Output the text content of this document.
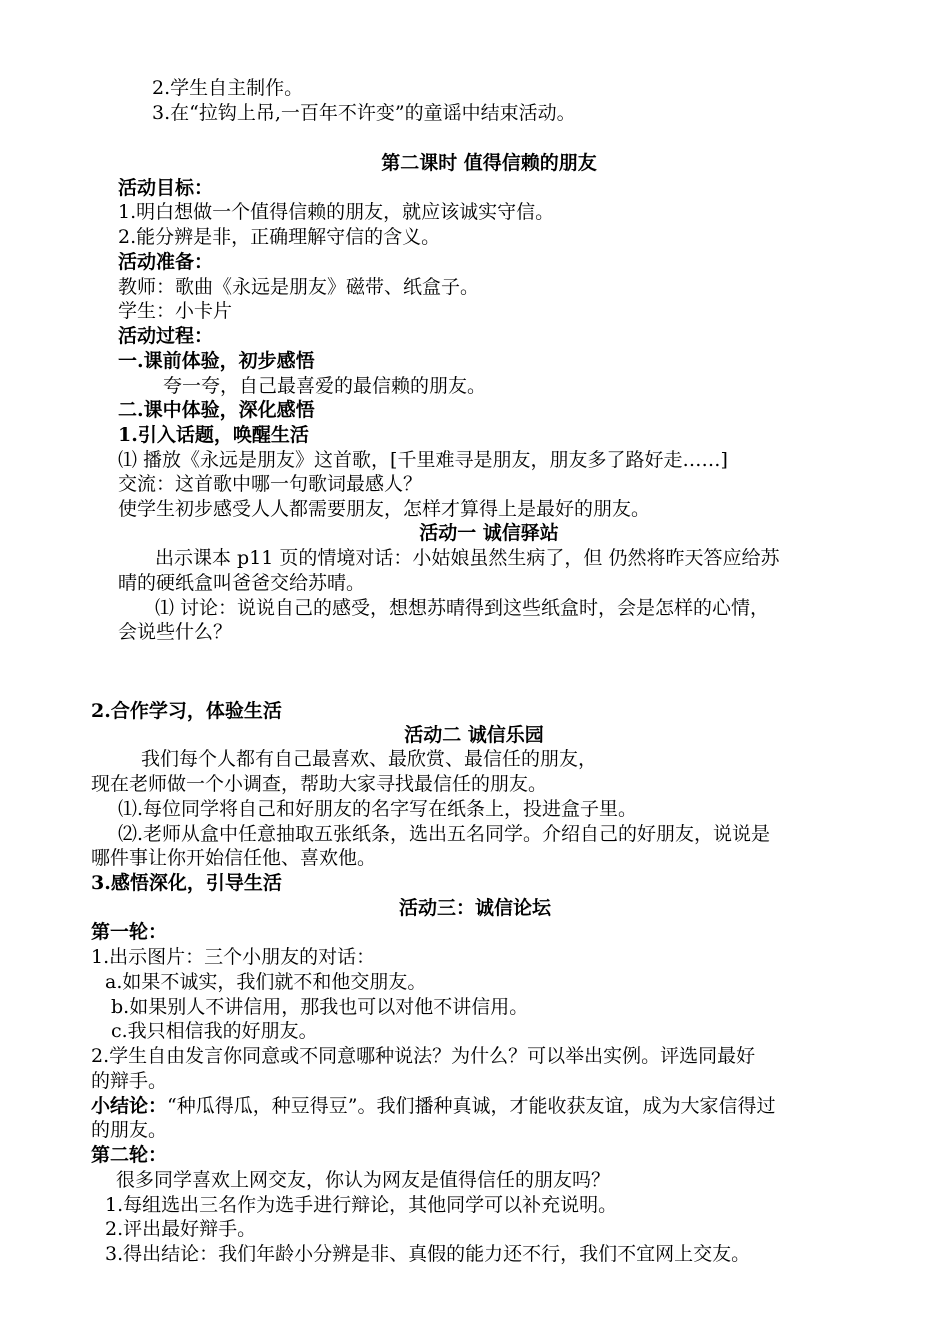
2.学生自主制作。
3.在“拉钩上吊,一百年不许变”的童谣中结束活动。
第二课时 值得信赖的朋友
活动目标：
1.明白想做一个值得信赖的朋友，就应该诚实守信。
2.能分辨是非，正确理解守信的含义。
活动准备：
教师：歌曲《永远是朋友》磁带、纸盒子。
学生：小卡片
活动过程：
一.课前体验，初步感悟
夸一夸，自己最喜爱的最信赖的朋友。
二.课中体验，深化感悟
1.引入话题，唤醒生活
⑴ 播放《永远是朋友》这首歌，[千里难寻是朋友，朋友多了路好走……]
交流：这首歌中哪一句歌词最感人？
使学生初步感受人人都需要朋友，怎样才算得上是最好的朋友。
活动一 诚信驿站
出示课本 p11 页的情境对话：小姑娘虽然生病了，但 仍然将昨天答应给苏
晴的硬纸盒叫爸爸交给苏晴。
⑴ 讨论：说说自己的感受，想想苏晴得到这些纸盒时，会是怎样的心情，
会说些什么？
2.合作学习，体验生活
活动二 诚信乐园
我们每个人都有自己最喜欢、最欣赏、最信任的朋友，
现在老师做一个小调查，帮助大家寻找最信任的朋友。
⑴.每位同学将自己和好朋友的名字写在纸条上，投进盒子里。
⑵.老师从盒中任意抽取五张纸条，选出五名同学。介绍自己的好朋友，说说是
哪件事让你开始信任他、喜欢他。
3.感悟深化，引导生活
活动三：诚信论坛
第一轮：
1.出示图片：三个小朋友的对话：
a.如果不诚实，我们就不和他交朋友。
b.如果别人不讲信用，那我也可以对他不讲信用。
c.我只相信我的好朋友。
2.学生自由发言你同意或不同意哪种说法？为什么？可以举出实例。评选同最好
的辩手。
小结论：“种瓜得瓜，种豆得豆”。我们播种真诚，才能收获友谊，成为大家信得过
的朋友。
第二轮：
很多同学喜欢上网交友，你认为网友是值得信任的朋友吗？
1.每组选出三名作为选手进行辩论，其他同学可以补充说明。
2.评出最好辩手。
3.得出结论：我们年龄小分辨是非、真假的能力还不行，我们不宜网上交友。
